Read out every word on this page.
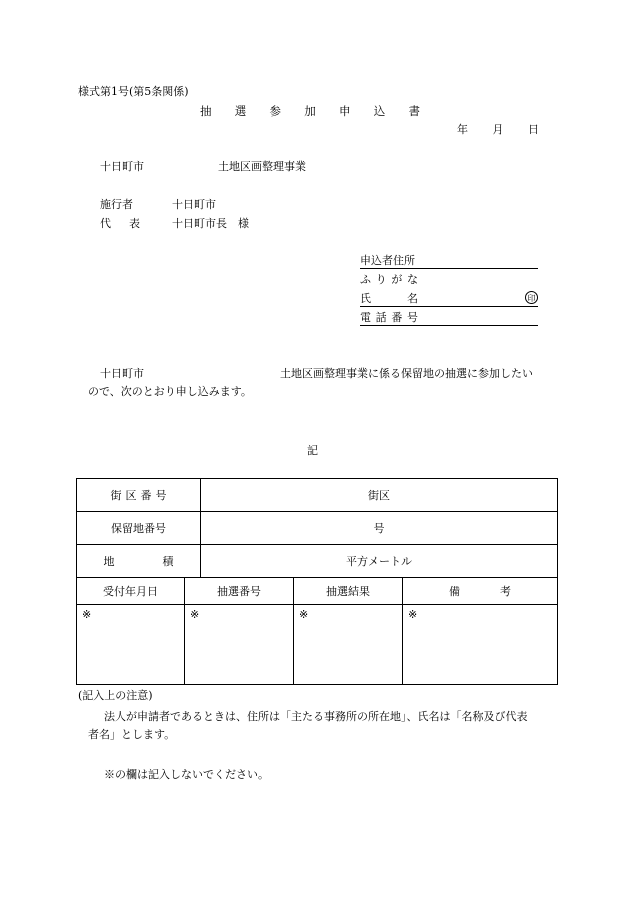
様式第1号(第5条関係)
抽 選 参 加 申 込 書
年 月 日
十日町市	土地区画整理事業
施行者	十日町市
代 表	十日町市長　様
申込者住所
ふ り が な
氏	名	印
電 話 番 号
十日町市	土地区画整理事業に係る保留地の抽選に参加したい
ので、次のとおり申し込みます。
記
街 区 番 号		街区		
保留地番号		号		

地 積		平方メートル		
受付年月日	抽選番号		抽選結果	備 考

※	※		※	※
(記入上の注意)
法人が申請者であるときは、住所は「主たる事務所の所在地」、氏名は「名称及び代表
者名」とします。
※の欄は記入しないでください。
